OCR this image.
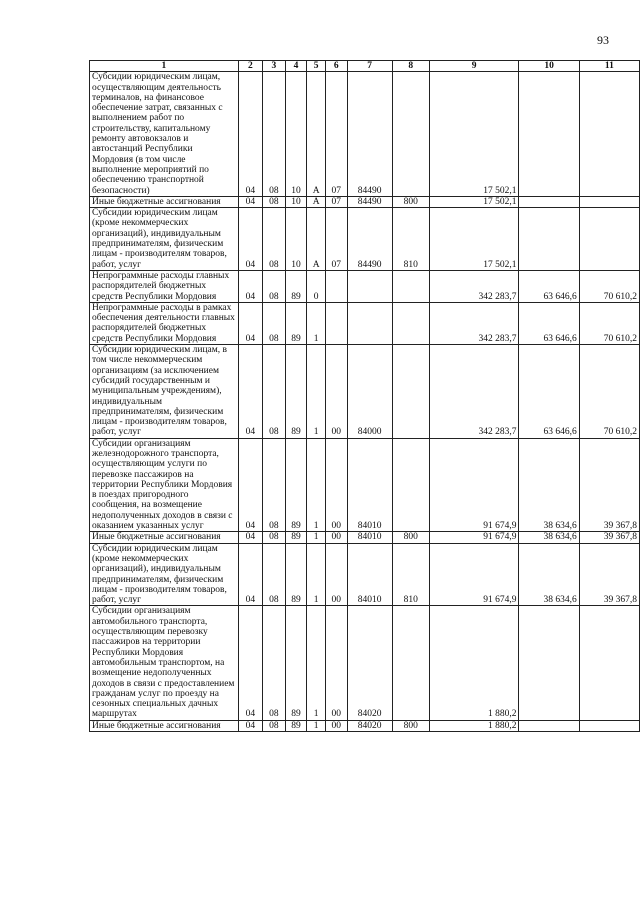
93
1	2	3	4	5	6	7	8	9	10	11
Субсидии юридическим лицам, осуществляющим деятельность терминалов, на финансовое обеспечение затрат, связанных с выполнением работ по строительству, капитальному ремонту автовокзалов и автостанций Республики Мордовия (в том числе выполнение мероприятий по обеспечению транспортной безопасности)	04	08	10	А	07	84490		17 502,1		
Иные бюджетные ассигнования	04	08	10	А	07	84490	800	17 502,1		
Субсидии юридическим лицам (кроме некоммерческих организаций), индивидуальным предпринимателям, физическим лицам - производителям товаров, работ, услуг	04	08	10	А	07	84490	810	17 502,1		
Непрограммные расходы главных распорядителей бюджетных средств Республики Мордовия	04	08	89	0				342 283,7	63 646,6	70 610,2
Непрограммные расходы в рамках обеспечения деятельности главных распорядителей бюджетных средств Республики Мордовия	04	08	89	1				342 283,7	63 646,6	70 610,2
Субсидии юридическим лицам, в том числе некоммерческим организациям (за исключением субсидий государственным и муниципальным учреждениям), индивидуальным предпринимателям, физическим лицам - производителям товаров, работ, услуг	04	08	89	1	00	84000		342 283,7	63 646,6	70 610,2
Субсидии организациям железнодорожного транспорта, осуществляющим услуги по перевозке пассажиров на территории Республики Мордовия в поездах пригородного сообщения, на возмещение недополученных доходов в связи с оказанием указанных услуг	04	08	89	1	00	84010		91 674,9	38 634,6	39 367,8
Иные бюджетные ассигнования	04	08	89	1	00	84010	800	91 674,9	38 634,6	39 367,8
Субсидии юридическим лицам (кроме некоммерческих организаций), индивидуальным предпринимателям, физическим лицам - производителям товаров, работ, услуг	04	08	89	1	00	84010	810	91 674,9	38 634,6	39 367,8
Субсидии организациям автомобильного транспорта, осуществляющим перевозку пассажиров на территории Республики Мордовия автомобильным транспортом, на возмещение недополученных доходов в связи с предоставлением гражданам услуг по проезду на сезонных специальных дачных маршрутах	04	08	89	1	00	84020		1 880,2		
Иные бюджетные ассигнования	04	08	89	1	00	84020	800	1 880,2		
